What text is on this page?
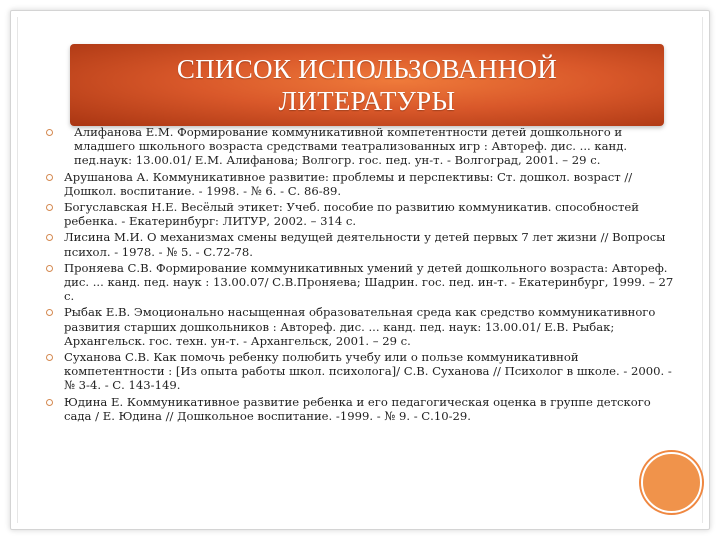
СПИСОК ИСПОЛЬЗОВАННОЙ
ЛИТЕРАТУРЫ
Алифанова Е.М. Формирование коммуникативной компетентности детей дошкольного и младшего школьного возраста средствами театрализованных игр : Автореф. дис. ... канд. пед.наук: 13.00.01/ Е.М. Алифанова; Волгогр. гос. пед. ун-т. - Волгоград, 2001. – 29 с.
Арушанова А. Коммуникативное развитие: проблемы и перспективы: Ст. дошкол. возраст // Дошкол. воспитание. - 1998. - № 6. - С. 86-89.
Богуславская Н.Е. Весёлый этикет: Учеб. пособие по развитию коммуникатив. способностей ребенка. - Екатеринбург: ЛИТУР, 2002. – 314 с.
Лисина М.И. О механизмах смены ведущей деятельности у детей первых 7 лет жизни // Вопросы психол. - 1978. - № 5. - С.72-78.
Проняева С.В. Формирование коммуникативных умений у детей дошкольного возраста: Автореф. дис. ... канд. пед. наук : 13.00.07/ С.В.Проняева; Шадрин. гос. пед. ин-т. - Екатеринбург, 1999. – 27 с.
Рыбак Е.В. Эмоционально насыщенная образовательная среда как средство коммуникативного развития старших дошкольников : Автореф. дис. ... канд. пед. наук: 13.00.01/ Е.В. Рыбак; Архангельск. гос. техн. ун-т. - Архангельск, 2001. – 29 с.
Суханова С.В. Как помочь ребенку полюбить учебу или о пользе коммуникативной компетентности : [Из опыта работы школ. психолога]/ С.В. Суханова // Психолог в школе. - 2000. - № 3-4. - С. 143-149.
Юдина Е. Коммуникативное развитие ребенка и его педагогическая оценка в группе детского сада / Е. Юдина // Дошкольное воспитание. -1999. - № 9. - С.10-29.
